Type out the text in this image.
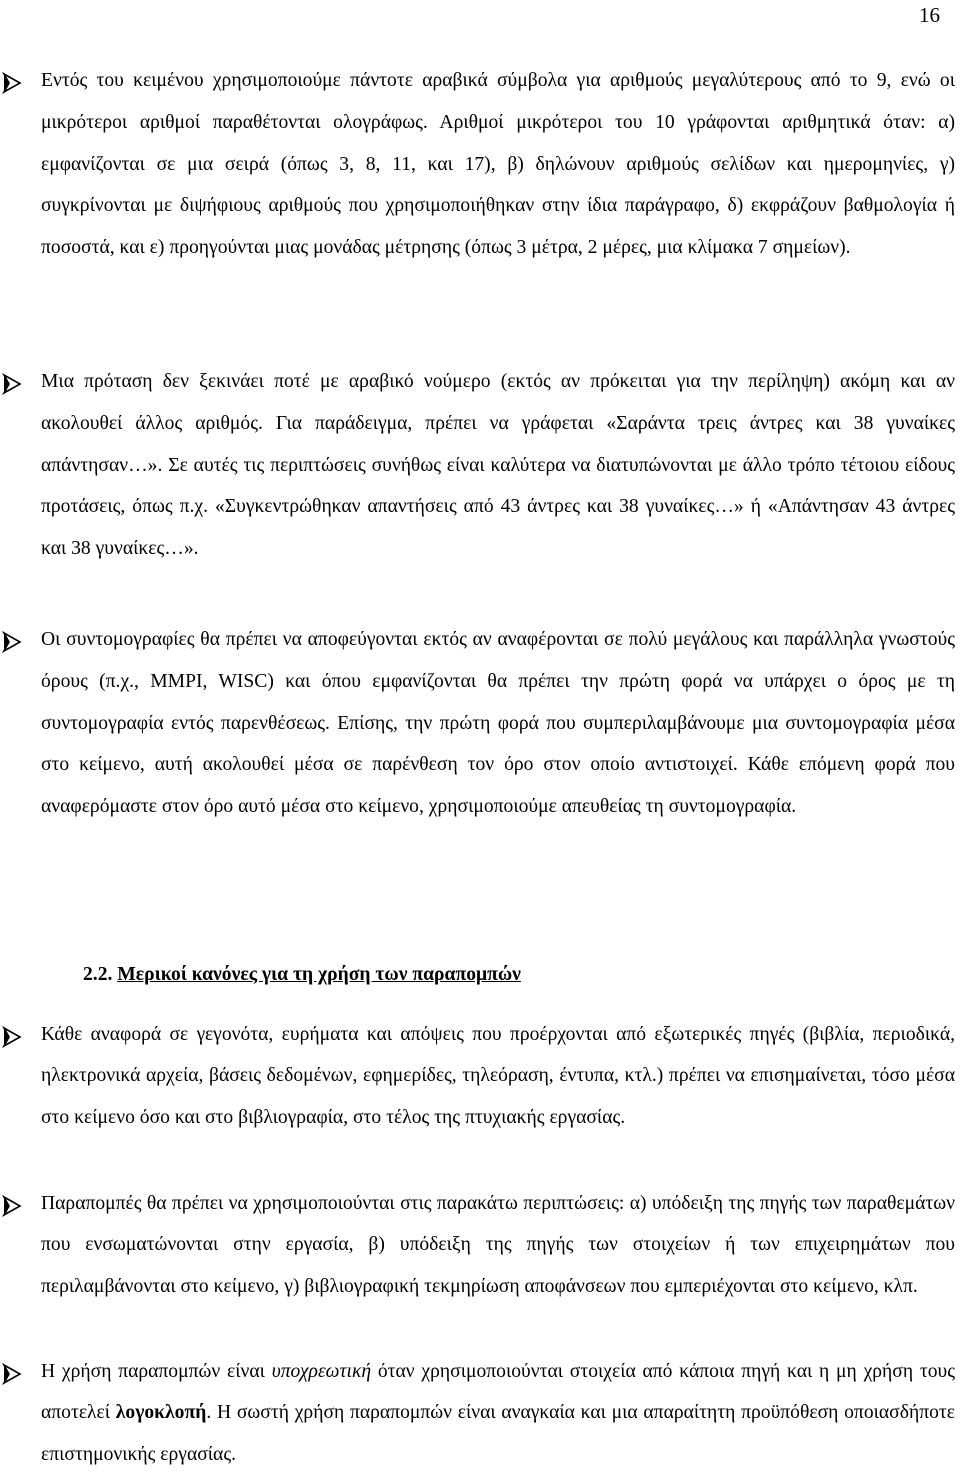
16

Εντός του κειμένου χρησιμοποιούμε πάντοτε αραβικά σύμβολα για αριθμούς μεγαλύτερους από το 9, ενώ οι μικρότεροι αριθμοί παραθέτονται ολογράφως. Αριθμοί μικρότεροι του 10 γράφονται αριθμητικά όταν: α) εμφανίζονται σε μια σειρά (όπως 3, 8, 11, και 17), β) δηλώνουν αριθμούς σελίδων και ημερομηνίες, γ) συγκρίνονται με διψήφιους αριθμούς που χρησιμοποιήθηκαν στην ίδια παράγραφο, δ) εκφράζουν βαθμολογία ή ποσοστά, και ε) προηγούνται μιας μονάδας μέτρησης (όπως 3 μέτρα, 2 μέρες, μια κλίμακα 7 σημείων).

Μια πρόταση δεν ξεκινάει ποτέ με αραβικό νούμερο (εκτός αν πρόκειται για την περίληψη) ακόμη και αν ακολουθεί άλλος αριθμός. Για παράδειγμα, πρέπει να γράφεται «Σαράντα τρεις άντρες και 38 γυναίκες απάντησαν…». Σε αυτές τις περιπτώσεις συνήθως είναι καλύτερα να διατυπώνονται με άλλο τρόπο τέτοιου είδους προτάσεις, όπως π.χ. «Συγκεντρώθηκαν απαντήσεις από 43 άντρες και 38 γυναίκες…» ή «Απάντησαν 43 άντρες και 38 γυναίκες…».

Οι συντομογραφίες θα πρέπει να αποφεύγονται εκτός αν αναφέρονται σε πολύ μεγάλους και παράλληλα γνωστούς όρους (π.χ., MMPI, WISC) και όπου εμφανίζονται θα πρέπει την πρώτη φορά να υπάρχει ο όρος με τη συντομογραφία εντός παρενθέσεως. Επίσης, την πρώτη φορά που συμπεριλαμβάνουμε μια συντομογραφία μέσα στο κείμενο, αυτή ακολουθεί μέσα σε παρένθεση τον όρο στον οποίο αντιστοιχεί. Κάθε επόμενη φορά που αναφερόμαστε στον όρο αυτό μέσα στο κείμενο, χρησιμοποιούμε απευθείας τη συντομογραφία.

2.2. Μερικοί κανόνες για τη χρήση των παραπομπών

Κάθε αναφορά σε γεγονότα, ευρήματα και απόψεις που προέρχονται από εξωτερικές πηγές (βιβλία, περιοδικά, ηλεκτρονικά αρχεία, βάσεις δεδομένων, εφημερίδες, τηλεόραση, έντυπα, κτλ.) πρέπει να επισημαίνεται, τόσο μέσα στο κείμενο όσο και στο βιβλιογραφία, στο τέλος της πτυχιακής εργασίας.

Παραπομπές θα πρέπει να χρησιμοποιούνται στις παρακάτω περιπτώσεις: α) υπόδειξη της πηγής των παραθεμάτων που ενσωματώνονται στην εργασία, β) υπόδειξη της πηγής των στοιχείων ή των επιχειρημάτων που περιλαμβάνονται στο κείμενο, γ) βιβλιογραφική τεκμηρίωση αποφάνσεων που εμπεριέχονται στο κείμενο, κλπ.

Η χρήση παραπομπών είναι υποχρεωτική όταν χρησιμοποιούνται στοιχεία από κάποια πηγή και η μη χρήση τους αποτελεί λογοκλοπή. Η σωστή χρήση παραπομπών είναι αναγκαία και μια απαραίτητη προϋπόθεση οποιασδήποτε επιστημονικής εργασίας.
